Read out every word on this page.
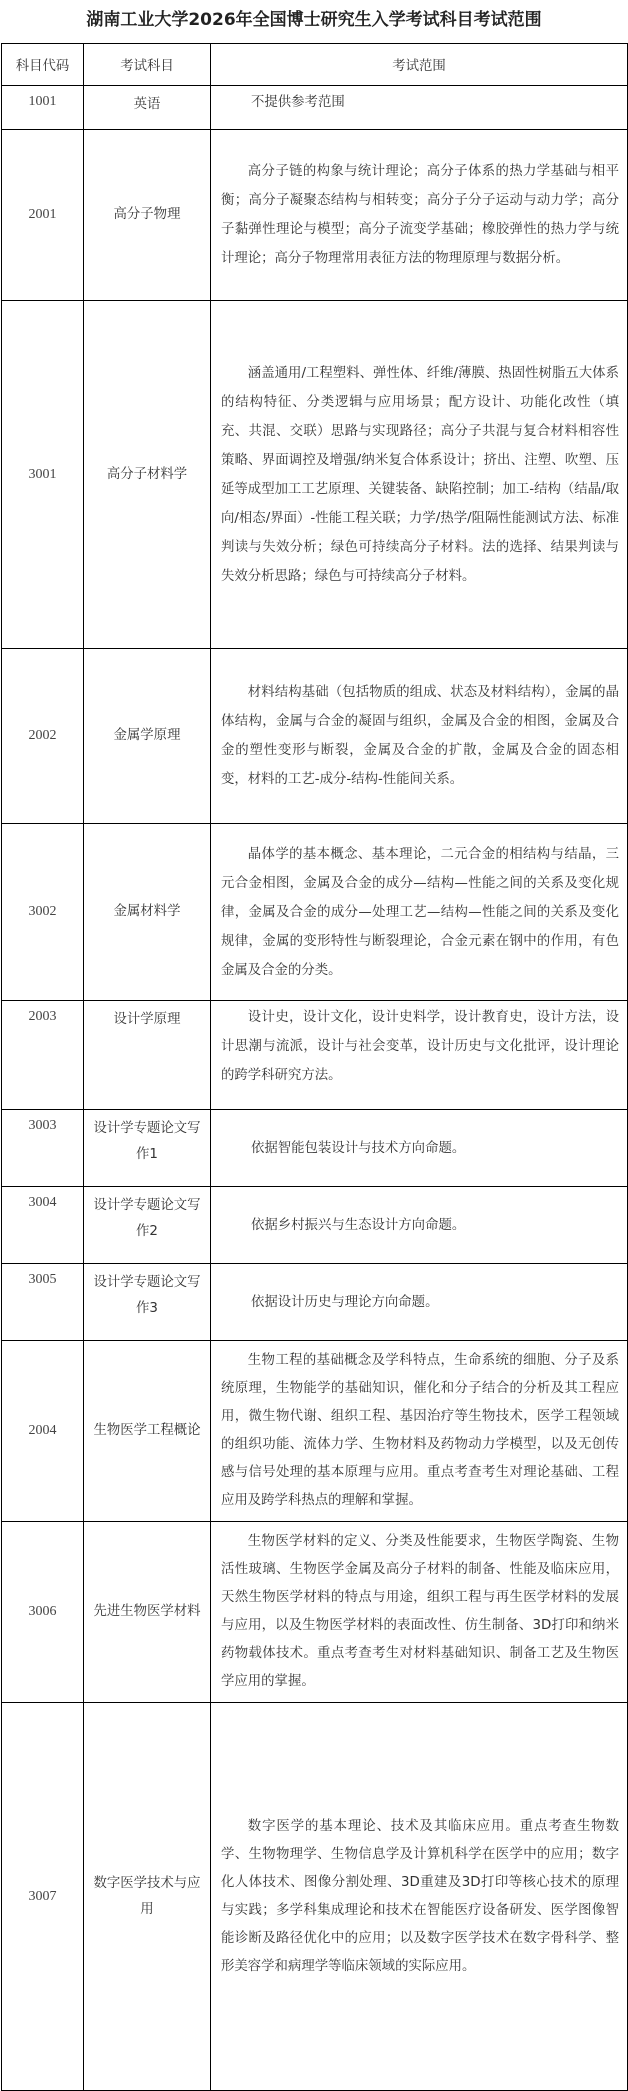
湖南工业大学2026年全国博士研究生入学考试科目考试范围
科目代码	考试科目	考试范围
1001	英语	不提供参考范围
2001	高分子物理	高分子链的构象与统计理论；高分子体系的热力学基础与相平衡；高分子凝聚态结构与相转变；高分子分子运动与动力学；高分子黏弹性理论与模型；高分子流变学基础；橡胶弹性的热力学与统计理论；高分子物理常用表征方法的物理原理与数据分析。

3001	高分子材料学	涵盖通用/工程塑料、弹性体、纤维/薄膜、热固性树脂五大体系的结构特征、分类逻辑与应用场景；配方设计、功能化改性（填充、共混、交联）思路与实现路径；高分子共混与复合材料相容性策略、界面调控及增强/纳米复合体系设计；挤出、注塑、吹塑、压延等成型加工工艺原理、关键装备、缺陷控制；加工-结构（结晶/取向/相态/界面）-性能工程关联；力学/热学/阻隔性能测试方法、标准判读与失效分析；绿色可持续高分子材料。法的选择、结果判读与失效分析思路；绿色与可持续高分子材料。

2002	金属学原理	材料结构基础（包括物质的组成、状态及材料结构），金属的晶体结构，金属与合金的凝固与组织，金属及合金的相图，金属及合金的塑性变形与断裂，金属及合金的扩散，金属及合金的固态相变，材料的工艺-成分-结构-性能间关系。

3002	金属材料学	晶体学的基本概念、基本理论，二元合金的相结构与结晶，三元合金相图，金属及合金的成分—结构—性能之间的关系及变化规律，金属及合金的成分—处理工艺—结构—性能之间的关系及变化规律，金属的变形特性与断裂理论，合金元素在钢中的作用，有色金属及合金的分类。

2003	设计学原理	设计史，设计文化，设计史料学，设计教育史，设计方法，设计思潮与流派，设计与社会变革，设计历史与文化批评，设计理论的跨学科研究方法。

3003	设计学专题论文写作1	依据智能包装设计与技术方向命题。
3004	设计学专题论文写作2	依据乡村振兴与生态设计方向命题。
3005	设计学专题论文写作3	依据设计历史与理论方向命题。
2004	生物医学工程概论	生物工程的基础概念及学科特点，生命系统的细胞、分子及系统原理，生物能学的基础知识，催化和分子结合的分析及其工程应用，微生物代谢、组织工程、基因治疗等生物技术，医学工程领域的组织功能、流体力学、生物材料及药物动力学模型，以及无创传感与信号处理的基本原理与应用。重点考查考生对理论基础、工程应用及跨学科热点的理解和掌握。

3006	先进生物医学材料	生物医学材料的定义、分类及性能要求，生物医学陶瓷、生物活性玻璃、生物医学金属及高分子材料的制备、性能及临床应用，天然生物医学材料的特点与用途，组织工程与再生医学材料的发展与应用，以及生物医学材料的表面改性、仿生制备、3D打印和纳米药物载体技术。重点考查考生对材料基础知识、制备工艺及生物医学应用的掌握。

3007	数字医学技术与应用	数字医学的基本理论、技术及其临床应用。重点考查生物数学、生物物理学、生物信息学及计算机科学在医学中的应用；数字化人体技术、图像分割处理、3D重建及3D打印等核心技术的原理与实践；多学科集成理论和技术在智能医疗设备研发、医学图像智能诊断及路径优化中的应用；以及数字医学技术在数字骨科学、整形美容学和病理学等临床领域的实际应用。
